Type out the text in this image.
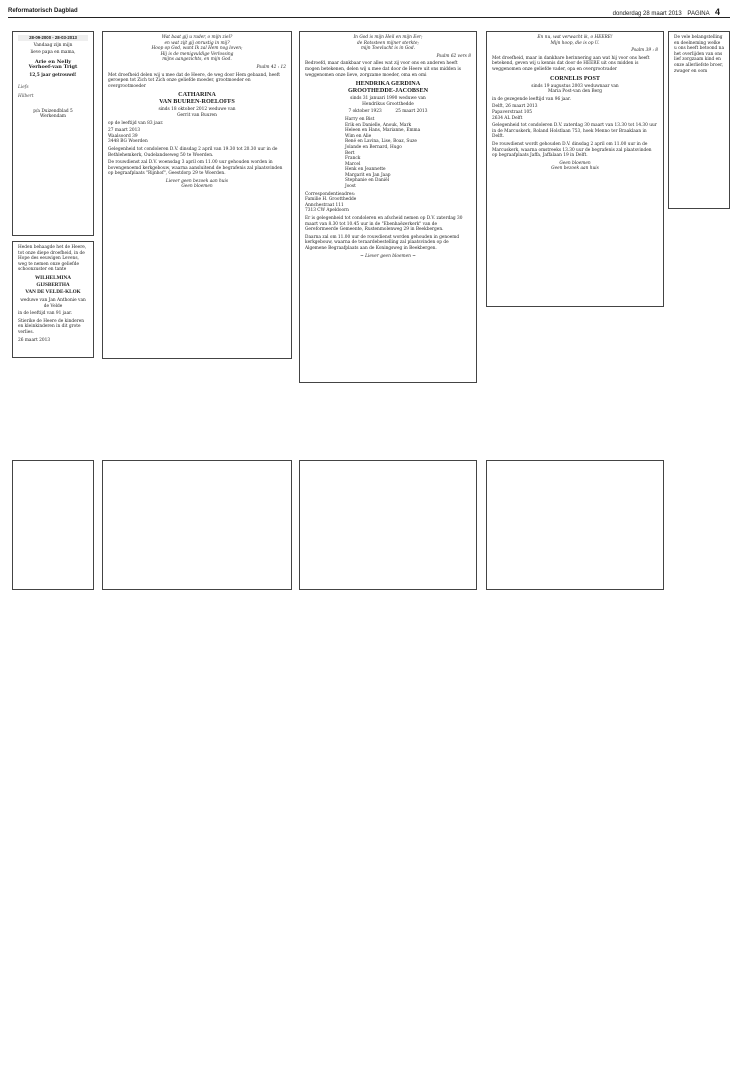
Reformatorisch Dagblad	donderdag 28 maart 2013 PAGINA 4

28-09-2000 - 28-03-2013

Vandaag zijn mijn

lieve papa en mama,

Arie en Nelly
Verhoef-van Trigt

12,5 jaar getrouwd!

Liefs
Hilbert

p/a Duizendblad 5
Werkendam

Wat baat gij u rader, o mijn ziel?
en wat zijt gij onrustig in mij?
Hoop op God, want Ik zal Hem nog loven;
Hij is de menigvuldige Verlossing
mijns aangezichts, en mijn God.

Psalm 42 : 12

Met droefheid delen wij u mee dat de Heere, de weg door Hem gebaand, heeft geroepen tot Zich tot Zich onze geliefde moeder, grootmoeder en overgrootmoeder

CATHARINA
VAN BUUREN-ROELOFFS

sinds 18 oktober 2012 weduwe van
Gerrit van Buuren

op de leeftijd van 83 jaar.

27 maart 2013
Waalsoord 39
3448 BG Woerden

Gelegenheid tot condoleren D.V. dinsdag 2 april van 19.30 tot 20.30 uur in de Bethlehemkerk, Oudelandseweg 50 te Woerden.

De rouwdienst zal D.V. woensdag 3 april om 11.00 uur gehouden worden in bovengenoemd kerkgebouw, waarna aansluitend de begrafenis zal plaatsvinden op begraafplaats "Rijnhof", Geestdorp 29 te Woerden.

Liever geen bezoek aan huis
Geen bloemen

In God is mijn Heil en mijn Eer;
de Rotssteen mijner sterkte;
mijn Toevlucht is in God.

Psalm 62 vers 8

Bedroefd, maar dankbaar voor alles wat zij voor ons en anderen heeft mogen betekenen, delen wij u mee dat door de Heere uit ons midden is weggenomen onze lieve, zorgzame moeder, oma en omi

HENDRIKA GERDINA
GROOTHEDDE-JACOBSEN

sinds 31 januari 1990 weduwe van
Hendrikus Grootthedde

7 oktober 1923          25 maart 2013

Harry en Bist
Erik en Danielle, Anouk, Mark
Heleen en Hans, Marianne, Emma
Wim en Alie
René en Lavina, Lise, Boaz, Suze
Jolande en Bernard, Hugo
Bert
Franck
Marcel
Henk en Jeannette
Margarit en Jan Jaap
Stephanie en Daniël
Joost

Correspondentieadres:
Familie H. Grootthedde
Annchestraat 111
7313 CW Apeldoorn

Er is gelegenheid tot condoleren en afscheid nemen op D.V. zaterdag 30 maart van 8.30 tot 10.45 uur in de "Ebenhaëzerkerk" van de Gereformeerde Gemeente, Rustenmolenweg 29 in Beekbergen.

Daarna zal om 11.00 uur de rouwdienst worden gehouden in genoemd kerkgebouw, waarna de teraardebestelling zal plaatsvinden op de Algemene Begraafplaats aan de Koningsweg in Beekbergen.

~ Liever geen bloemen ~

En nu, wat verwacht ik, o HEERE!
Mijn hoop, die is op U.

Psalm 39 : 8

Met droefheid, maar in dankbare herinnering aan wat hij voor ons heeft betekend, geven wij u kennis dat door de HEERE uit ons midden is weggenomen onze geliefde vader, opa en overgrootvader

CORNELIS POST

sinds 19 augustus 2003 weduwnaar van
Maria Post-van den Berg

in de gezegende leeftijd van 96 jaar.

Delft, 26 maart 2013
Papaverstraat 105
2634 AL Delft

Gelegenheid tot condoleren D.V. zaterdag 30 maart van 13.30 tot 14.30 uur in de Marcuskerk, Roland Holstlaan 753, hoek Menno ter Braaklaan in Delft.

De rouwdienst wordt gehouden D.V. dinsdag 2 april om 11.00 uur in de Marcuskerk, waarna omstreeks 13.30 uur de begrafenis zal plaatsvinden op begraafplaats Jaffa, Jaffalaan 19 in Delft.

Geen bloemen
Geen bezoek aan huis

De vele belangstelling en deelneming welke u ons heeft betoond na het overlijden van ons lief zorgzaam kind en onze allerliefste broer, zwager en oom

Heden behaagde het de Heere, tot onze diepe droefheid, in de Hope des eeuwigen Levens, weg te nemen onze geliefde schoonzuster en tante

WILHELMINA GIJSBERTHA
VAN DE VELDE-KLOK

weduwe van Jan Anthonie van de Velde

in de leeftijd van 91 jaar.

Stierike de Heere de kinderen en kleinkinderen in dit grote verlies.

26 maart 2013
